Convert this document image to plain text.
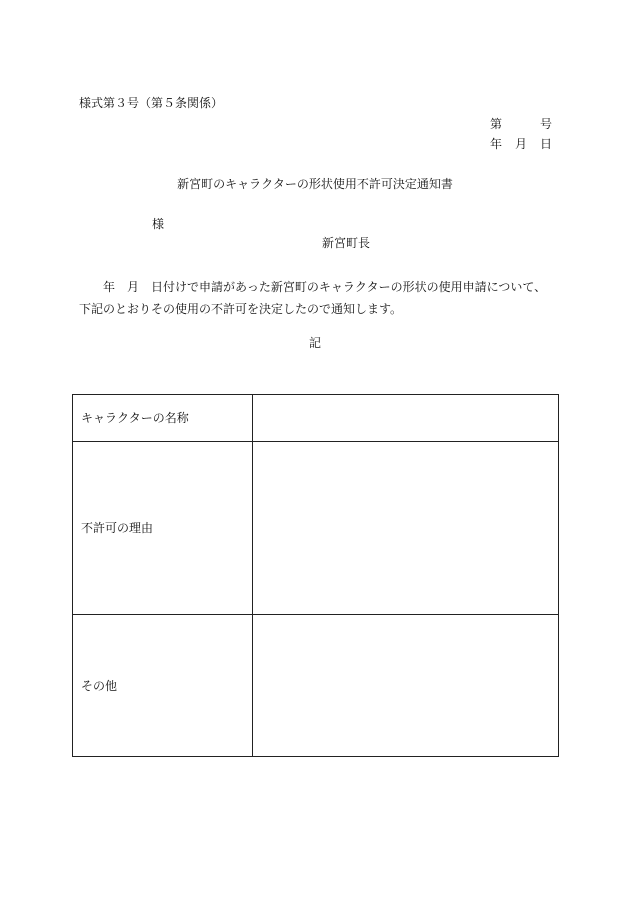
様式第３号（第５条関係）
第	号
年 月 日
新宮町のキャラクターの形状使用不許可決定通知書
様
新宮町長
　　年　月　日付けで申請があった新宮町のキャラクターの形状の使用申請について、
下記のとおりその使用の不許可を決定したので通知します。
記
キャラクターの名称	
不許可の理由	
その他	
